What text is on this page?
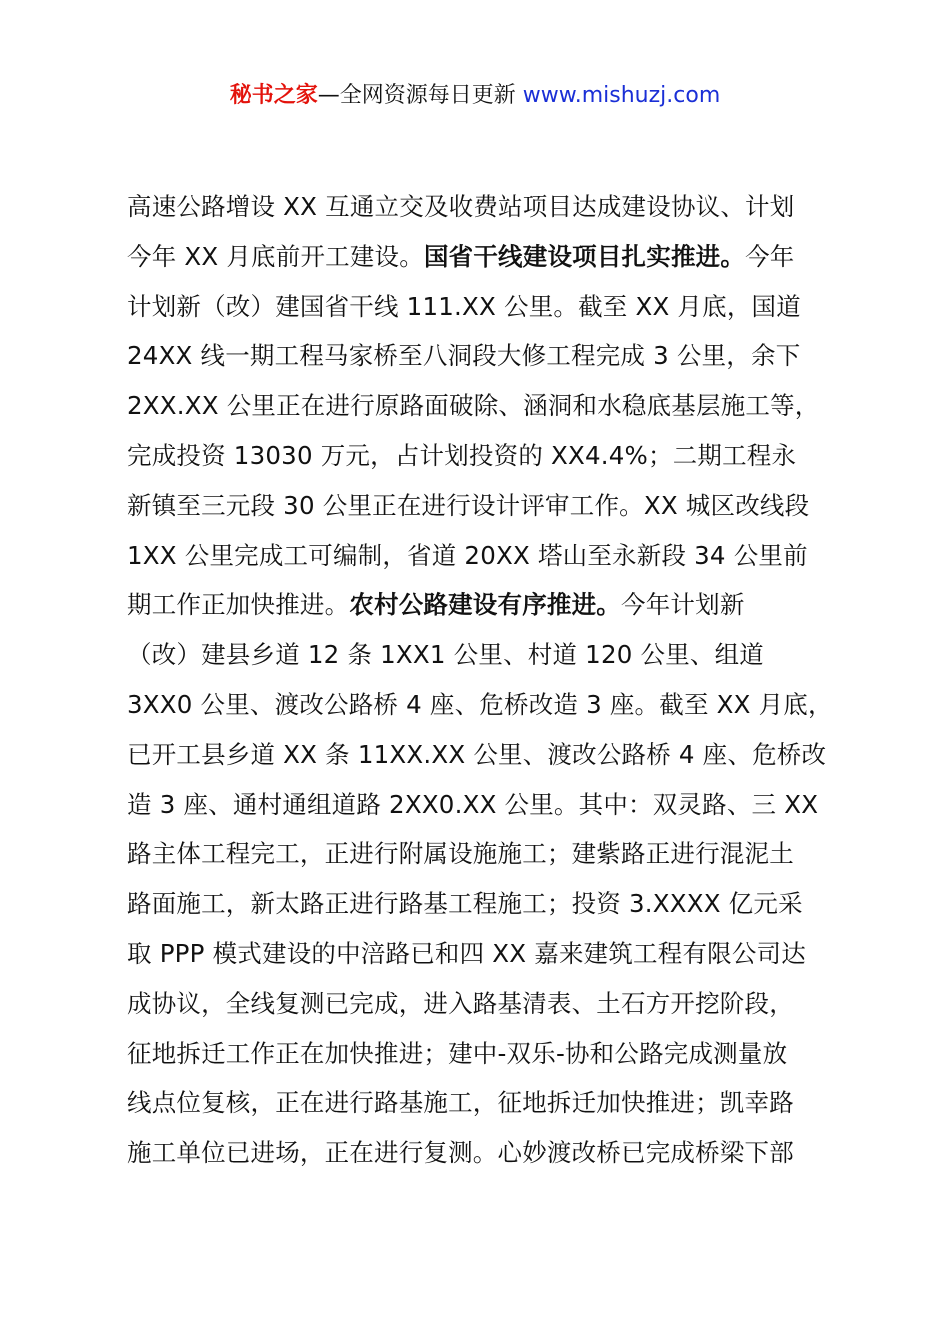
秘书之家—全网资源每日更新 www.mishuzj.com
高速公路增设 XX 互通立交及收费站项目达成建设协议、计划
今年 XX 月底前开工建设。国省干线建设项目扎实推进。今年
计划新（改）建国省干线 111.XX 公里。截至 XX 月底，国道
24XX 线一期工程马家桥至八洞段大修工程完成 3 公里，余下
2XX.XX 公里正在进行原路面破除、涵洞和水稳底基层施工等，
完成投资 13030 万元，占计划投资的 XX4.4%；二期工程永
新镇至三元段 30 公里正在进行设计评审工作。XX 城区改线段
1XX 公里完成工可编制，省道 20XX 塔山至永新段 34 公里前
期工作正加快推进。农村公路建设有序推进。今年计划新
（改）建县乡道 12 条 1XX1 公里、村道 120 公里、组道
3XX0 公里、渡改公路桥 4 座、危桥改造 3 座。截至 XX 月底，
已开工县乡道 XX 条 11XX.XX 公里、渡改公路桥 4 座、危桥改
造 3 座、通村通组道路 2XX0.XX 公里。其中：双灵路、三 XX
路主体工程完工，正进行附属设施施工；建紫路正进行混泥土
路面施工，新太路正进行路基工程施工；投资 3.XXXX 亿元采
取 PPP 模式建设的中涪路已和四 XX 嘉来建筑工程有限公司达
成协议，全线复测已完成，进入路基清表、土石方开挖阶段，
征地拆迁工作正在加快推进；建中-双乐-协和公路完成测量放
线点位复核，正在进行路基施工，征地拆迁加快推进；凯幸路
施工单位已进场，正在进行复测。心妙渡改桥已完成桥梁下部
